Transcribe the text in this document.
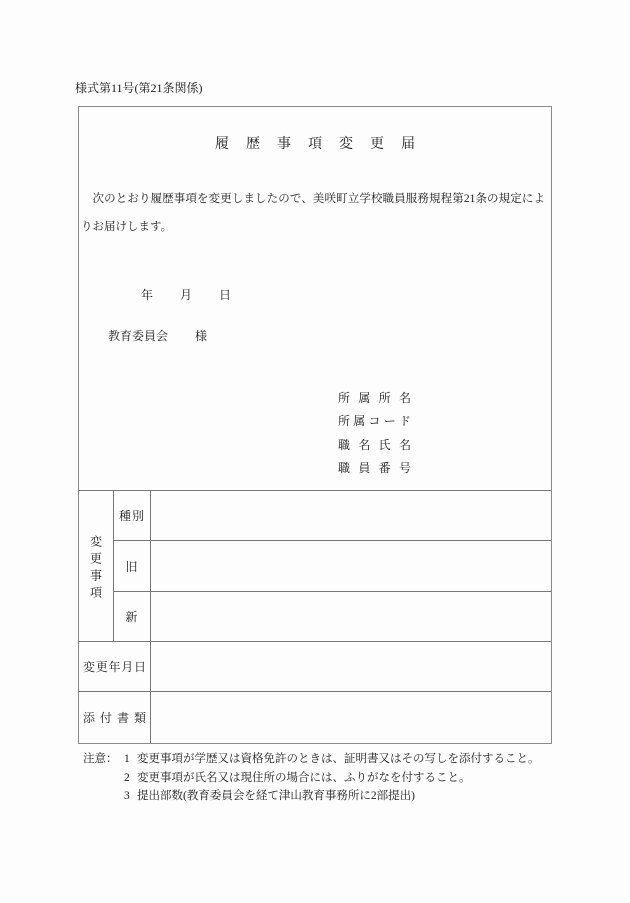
様式第11号(第21条関係)
履歴事項変更届
次のとおり履歴事項を変更しましたので、美咲町立学校職員服務規程第21条の規定によりお届けします。
年 月 日
教育委員会 様
所属所名
所属コード
職名氏名
職員番号
変更事項
種別
旧
新
変更年月日
添付書類
注意： 1 変更事項が学歴又は資格免許のときは、証明書又はその写しを添付すること。
2 変更事項が氏名又は現住所の場合には、ふりがなを付すること。
3 提出部数(教育委員会を経て津山教育事務所に2部提出)
